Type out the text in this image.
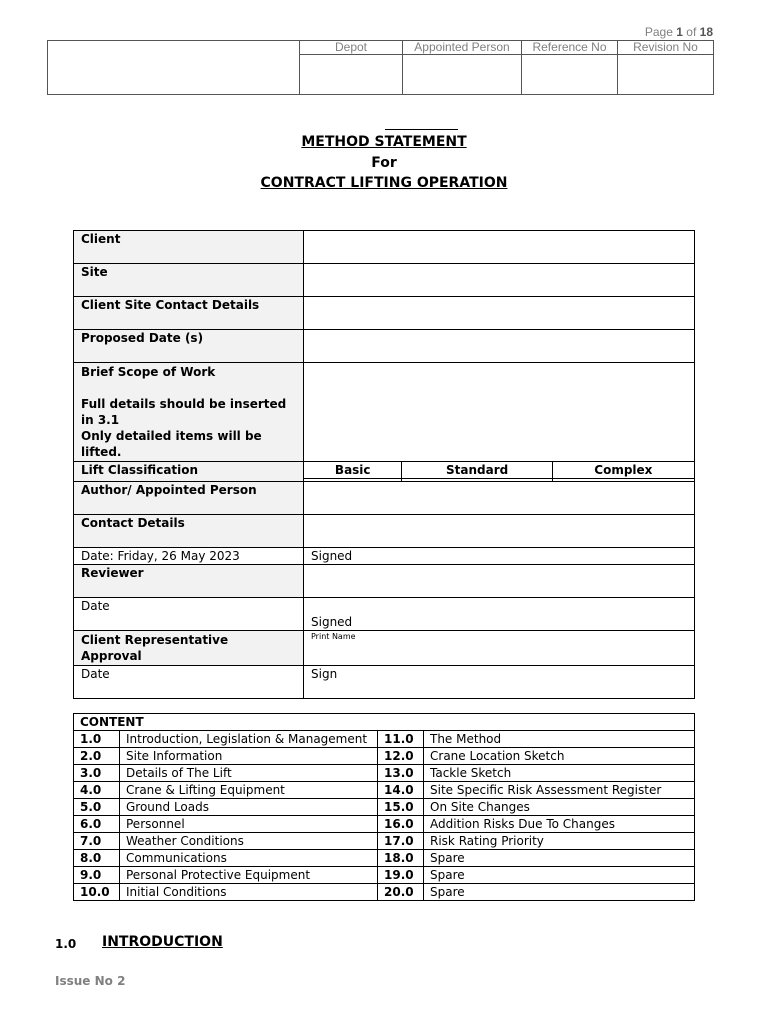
Page 1 of 18
	Depot	Appointed Person	Reference No	Revision No

METHOD STATEMENT
For
CONTRACT LIFTING OPERATION
Client			
Site			
Client Site Contact Details			
Proposed Date (s)			

Brief Scope of Work
Full details should be inserted in 3.1
Only detailed items will be lifted.			

Lift Classification	Basic	Standard	Complex

Author/ Appointed Person	
Contact Details	
Date: Friday, 26 May 2023	Signed
Reviewer	
Date	Signed

Client Representative
Approval	Print Name
Date	Sign
CONTENT			
1.0	Introduction, Legislation & Management	11.0	The Method
2.0	Site Information	12.0	Crane Location Sketch
3.0	Details of The Lift	13.0	Tackle Sketch
4.0	Crane & Lifting Equipment	14.0	Site Specific Risk Assessment Register
5.0	Ground Loads	15.0	On Site Changes
6.0	Personnel	16.0	Addition Risks Due To Changes
7.0	Weather Conditions	17.0	Risk Rating Priority
8.0	Communications	18.0	Spare
9.0	Personal Protective Equipment	19.0	Spare
10.0	Initial Conditions	20.0	Spare
1.0 INTRODUCTION
Issue No 2
